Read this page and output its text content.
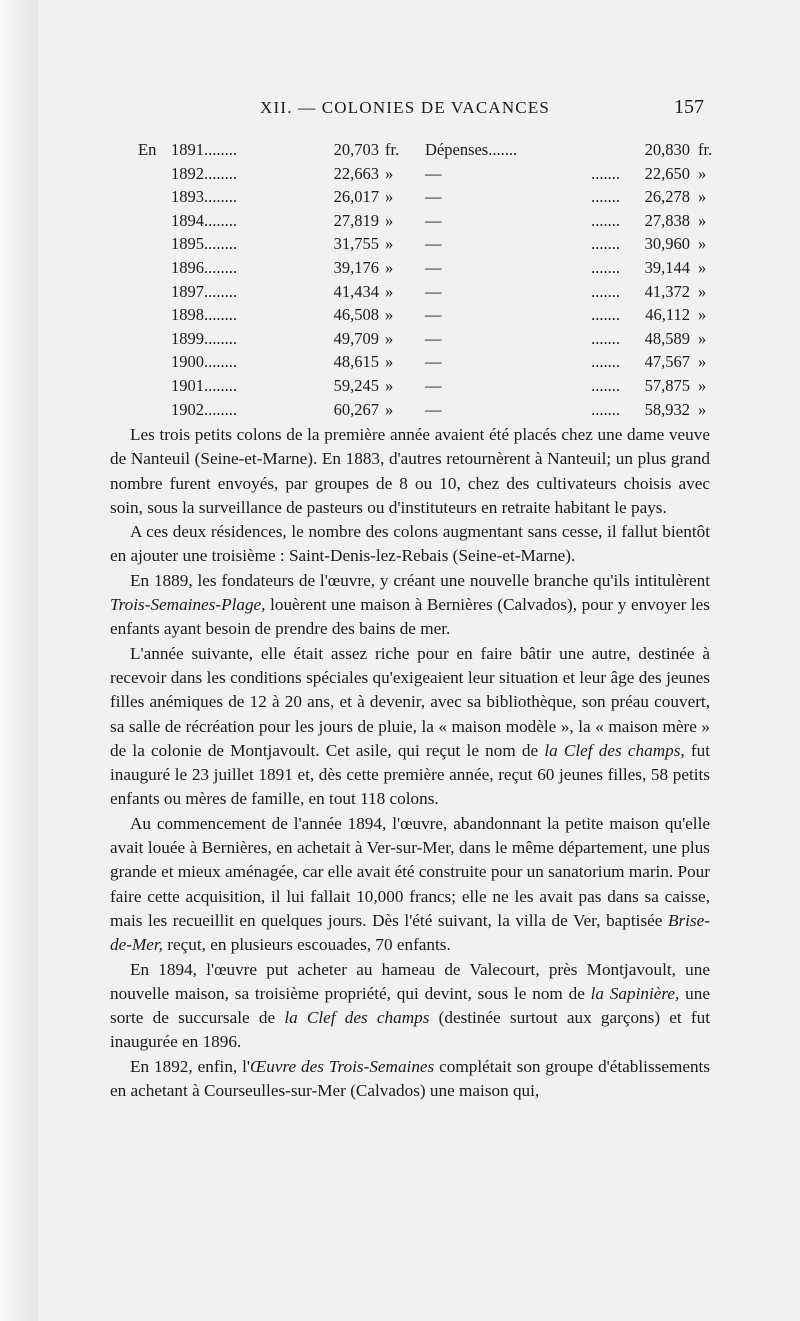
XII. — COLONIES DE VACANCES	157
En	1891........	20,703	fr.	Dépenses.......		20,830	fr.
	1892........	22,663	»	—	.......	22,650	»
	1893........	26,017	»	—	.......	26,278	»
	1894........	27,819	»	—	.......	27,838	»
	1895........	31,755	»	—	.......	30,960	»
	1896........	39,176	»	—	.......	39,144	»
	1897........	41,434	»	—	.......	41,372	»
	1898........	46,508	»	—	.......	46,112	»
	1899........	49,709	»	—	.......	48,589	»
	1900........	48,615	»	—	.......	47,567	»
	1901........	59,245	»	—	.......	57,875	»
	1902........	60,267	»	—	.......	58,932	»

Les trois petits colons de la première année avaient été placés chez une dame veuve de Nanteuil (Seine-et-Marne). En 1883, d'autres retournèrent à Nanteuil; un plus grand nombre furent envoyés, par groupes de 8 ou 10, chez des cultivateurs choisis avec soin, sous la surveillance de pasteurs ou d'instituteurs en retraite habitant le pays.

A ces deux résidences, le nombre des colons augmentant sans cesse, il fallut bientôt en ajouter une troisième : Saint-Denis-lez-Rebais (Seine-et-Marne).

En 1889, les fondateurs de l'œuvre, y créant une nouvelle branche qu'ils intitulèrent Trois-Semaines-Plage, louèrent une maison à Bernières (Calvados), pour y envoyer les enfants ayant besoin de prendre des bains de mer.

L'année suivante, elle était assez riche pour en faire bâtir une autre, destinée à recevoir dans les conditions spéciales qu'exigeaient leur situation et leur âge des jeunes filles anémiques de 12 à 20 ans, et à devenir, avec sa bibliothèque, son préau couvert, sa salle de récréation pour les jours de pluie, la « maison modèle », la « maison mère » de la colonie de Montjavoult. Cet asile, qui reçut le nom de la Clef des champs, fut inauguré le 23 juillet 1891 et, dès cette première année, reçut 60 jeunes filles, 58 petits enfants ou mères de famille, en tout 118 colons.

Au commencement de l'année 1894, l'œuvre, abandonnant la petite maison qu'elle avait louée à Bernières, en achetait à Ver-sur-Mer, dans le même département, une plus grande et mieux aménagée, car elle avait été construite pour un sanatorium marin. Pour faire cette acquisition, il lui fallait 10,000 francs; elle ne les avait pas dans sa caisse, mais les recueillit en quelques jours. Dès l'été suivant, la villa de Ver, baptisée Brise-de-Mer, reçut, en plusieurs escouades, 70 enfants.

En 1894, l'œuvre put acheter au hameau de Valecourt, près Montjavoult, une nouvelle maison, sa troisième propriété, qui devint, sous le nom de la Sapinière, une sorte de succursale de la Clef des champs (destinée surtout aux garçons) et fut inaugurée en 1896.

En 1892, enfin, l'Œuvre des Trois-Semaines complétait son groupe d'établissements en achetant à Courseulles-sur-Mer (Calvados) une maison qui,
